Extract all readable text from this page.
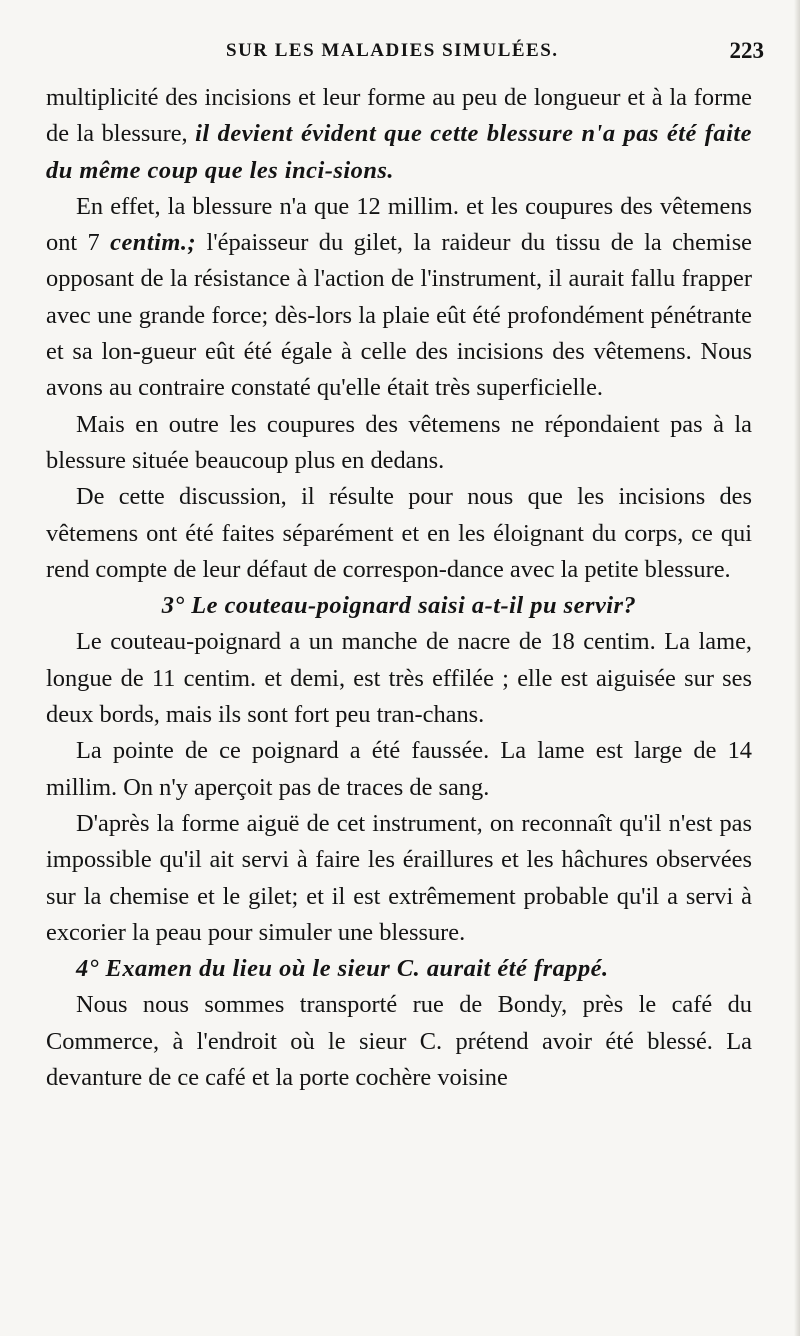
SUR LES MALADIES SIMULÉES.	223

multiplicité des incisions et leur forme au peu de longueur et à la forme de la blessure, il devient évident que cette blessure n'a pas été faite du même coup que les inci-sions.

En effet, la blessure n'a que 12 millim. et les coupures des vêtemens ont 7 centim.; l'épaisseur du gilet, la raideur du tissu de la chemise opposant de la résistance à l'action de l'instrument, il aurait fallu frapper avec une grande force; dès-lors la plaie eût été profondément pénétrante et sa lon-gueur eût été égale à celle des incisions des vêtemens. Nous avons au contraire constaté qu'elle était très superficielle.

Mais en outre les coupures des vêtemens ne répondaient pas à la blessure située beaucoup plus en dedans.

De cette discussion, il résulte pour nous que les incisions des vêtemens ont été faites séparément et en les éloignant du corps, ce qui rend compte de leur défaut de correspon-dance avec la petite blessure.

3° Le couteau-poignard saisi a-t-il pu servir?

Le couteau-poignard a un manche de nacre de 18 centim. La lame, longue de 11 centim. et demi, est très effilée ; elle est aiguisée sur ses deux bords, mais ils sont fort peu tran-chans.

La pointe de ce poignard a été faussée. La lame est large de 14 millim. On n'y aperçoit pas de traces de sang.

D'après la forme aiguë de cet instrument, on reconnaît qu'il n'est pas impossible qu'il ait servi à faire les éraillures et les hâchures observées sur la chemise et le gilet; et il est extrêmement probable qu'il a servi à excorier la peau pour simuler une blessure.

4° Examen du lieu où le sieur C. aurait été frappé.

Nous nous sommes transporté rue de Bondy, près le café du Commerce, à l'endroit où le sieur C. prétend avoir été blessé. La devanture de ce café et la porte cochère voisine
